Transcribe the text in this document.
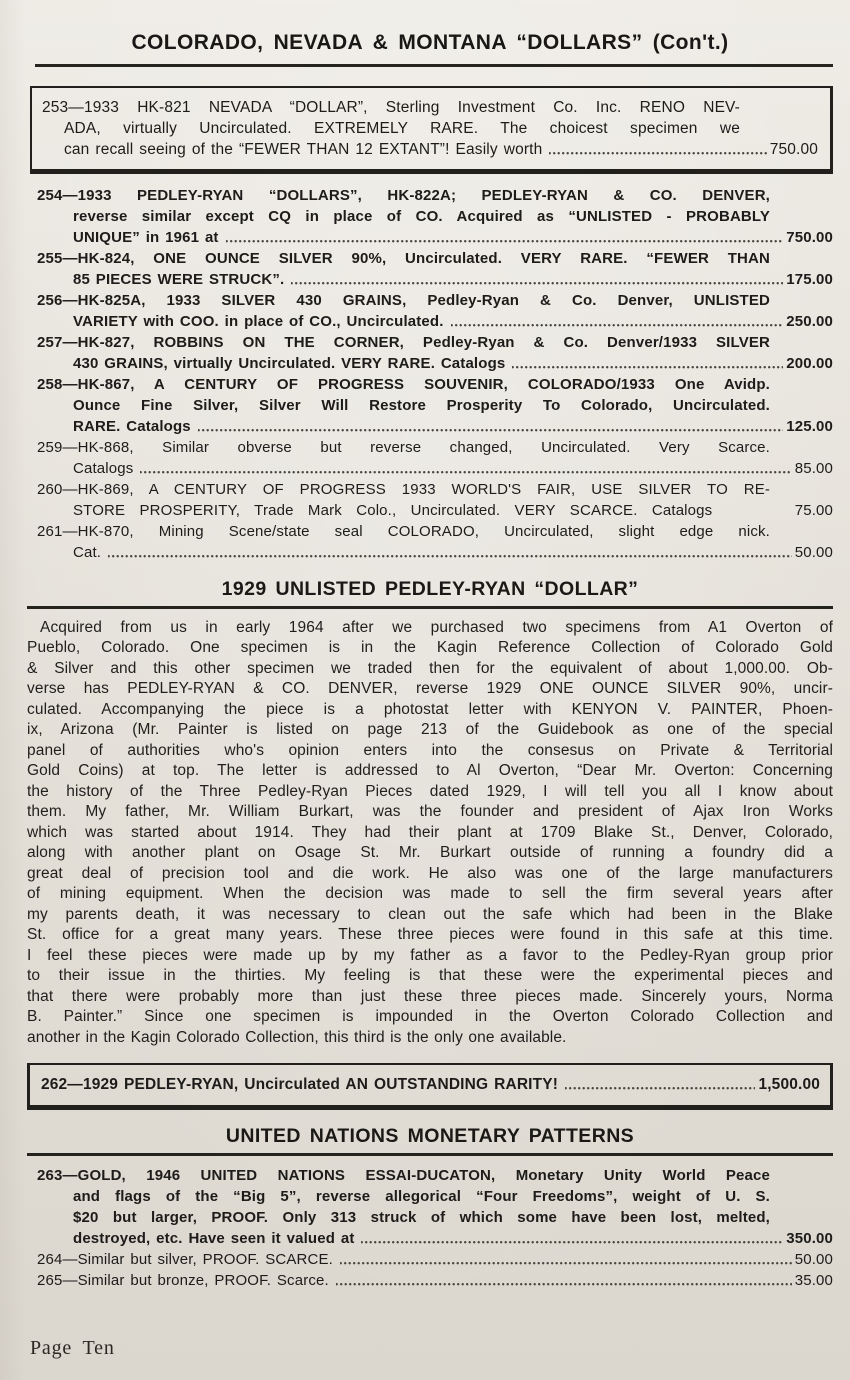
COLORADO, NEVADA & MONTANA “DOLLARS” (Con't.)
253—1933 HK-821 NEVADA “DOLLAR”, Sterling Investment Co. Inc. RENO NEV-
ADA, virtually Uncirculated. EXTREMELY RARE. The choicest specimen we
can recall seeing of the “FEWER THAN 12 EXTANT”! Easily worth	750.00
254—1933 PEDLEY-RYAN “DOLLARS”, HK-822A; PEDLEY-RYAN & CO. DENVER,
reverse similar except CQ in place of CO. Acquired as “UNLISTED - PROBABLY
UNIQUE” in 1961 at	750.00
255—HK-824, ONE OUNCE SILVER 90%, Uncirculated. VERY RARE. “FEWER THAN
85 PIECES WERE STRUCK”.	175.00
256—HK-825A, 1933 SILVER 430 GRAINS, Pedley-Ryan & Co. Denver, UNLISTED
VARIETY with COO. in place of CO., Uncirculated.	250.00
257—HK-827, ROBBINS ON THE CORNER, Pedley-Ryan & Co. Denver/1933 SILVER
430 GRAINS, virtually Uncirculated. VERY RARE. Catalogs	200.00
258—HK-867, A CENTURY OF PROGRESS SOUVENIR, COLORADO/1933 One Avidp.
Ounce Fine Silver, Silver Will Restore Prosperity To Colorado, Uncirculated.
RARE. Catalogs	125.00
259—HK-868, Similar obverse but reverse changed, Uncirculated. Very Scarce.
Catalogs	85.00
260—HK-869, A CENTURY OF PROGRESS 1933 WORLD'S FAIR, USE SILVER TO RE-
STORE PROSPERITY, Trade Mark Colo., Uncirculated. VERY SCARCE. Catalogs	75.00
261—HK-870, Mining Scene/state seal COLORADO, Uncirculated, slight edge nick.
Cat.	50.00
1929 UNLISTED PEDLEY-RYAN “DOLLAR”
Acquired from us in early 1964 after we purchased two specimens from A1 Overton of
Pueblo, Colorado. One specimen is in the Kagin Reference Collection of Colorado Gold
& Silver and this other specimen we traded then for the equivalent of about 1,000.00. Ob-
verse has PEDLEY-RYAN & CO. DENVER, reverse 1929 ONE OUNCE SILVER 90%, uncir-
culated. Accompanying the piece is a photostat letter with KENYON V. PAINTER, Phoen-
ix, Arizona (Mr. Painter is listed on page 213 of the Guidebook as one of the special
panel of authorities who's opinion enters into the consesus on Private & Territorial
Gold Coins) at top. The letter is addressed to Al Overton, “Dear Mr. Overton: Concerning
the history of the Three Pedley-Ryan Pieces dated 1929, I will tell you all I know about
them. My father, Mr. William Burkart, was the founder and president of Ajax Iron Works
which was started about 1914. They had their plant at 1709 Blake St., Denver, Colorado,
along with another plant on Osage St. Mr. Burkart outside of running a foundry did a
great deal of precision tool and die work. He also was one of the large manufacturers
of mining equipment. When the decision was made to sell the firm several years after
my parents death, it was necessary to clean out the safe which had been in the Blake
St. office for a great many years. These three pieces were found in this safe at this time.
I feel these pieces were made up by my father as a favor to the Pedley-Ryan group prior
to their issue in the thirties. My feeling is that these were the experimental pieces and
that there were probably more than just these three pieces made. Sincerely yours, Norma
B. Painter.” Since one specimen is impounded in the Overton Colorado Collection and
another in the Kagin Colorado Collection, this third is the only one available.
262—1929 PEDLEY-RYAN, Uncirculated AN OUTSTANDING RARITY!	1,500.00
UNITED NATIONS MONETARY PATTERNS
263—GOLD, 1946 UNITED NATIONS ESSAI-DUCATON, Monetary Unity World Peace
and flags of the “Big 5”, reverse allegorical “Four Freedoms”, weight of U. S.
$20 but larger, PROOF. Only 313 struck of which some have been lost, melted,
destroyed, etc. Have seen it valued at	350.00
264—Similar but silver, PROOF. SCARCE.	50.00
265—Similar but bronze, PROOF. Scarce.	35.00
Page Ten
